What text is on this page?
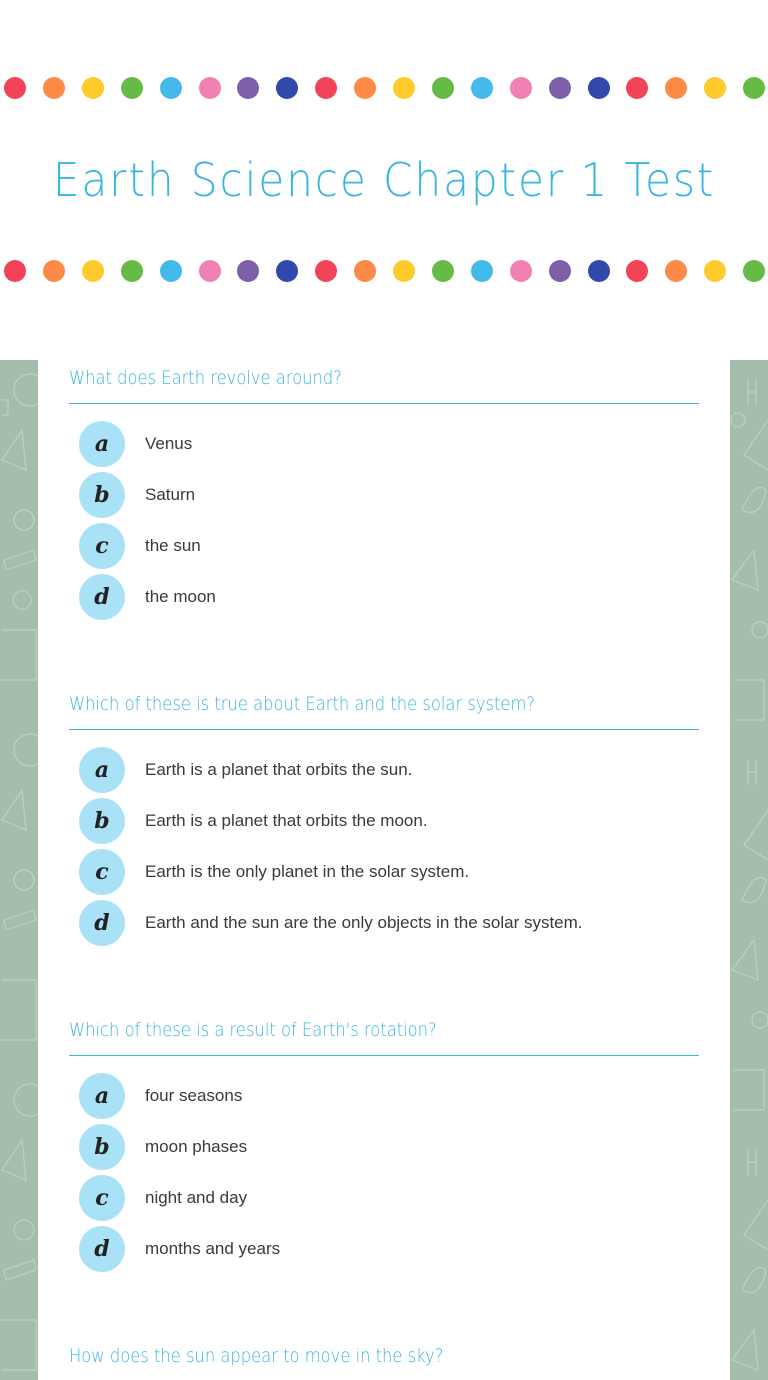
Earth Science Chapter 1 Test
What does Earth revolve around?
a	Venus
b	Saturn
c	the sun
d	the moon
Which of these is true about Earth and the solar system?
a	Earth is a planet that orbits the sun.
b	Earth is a planet that orbits the moon.
c	Earth is the only planet in the solar system.
d	Earth and the sun are the only objects in the solar system.
Which of these is a result of Earth's rotation?
a	four seasons
b	moon phases
c	night and day
d	months and years
How does the sun appear to move in the sky?
